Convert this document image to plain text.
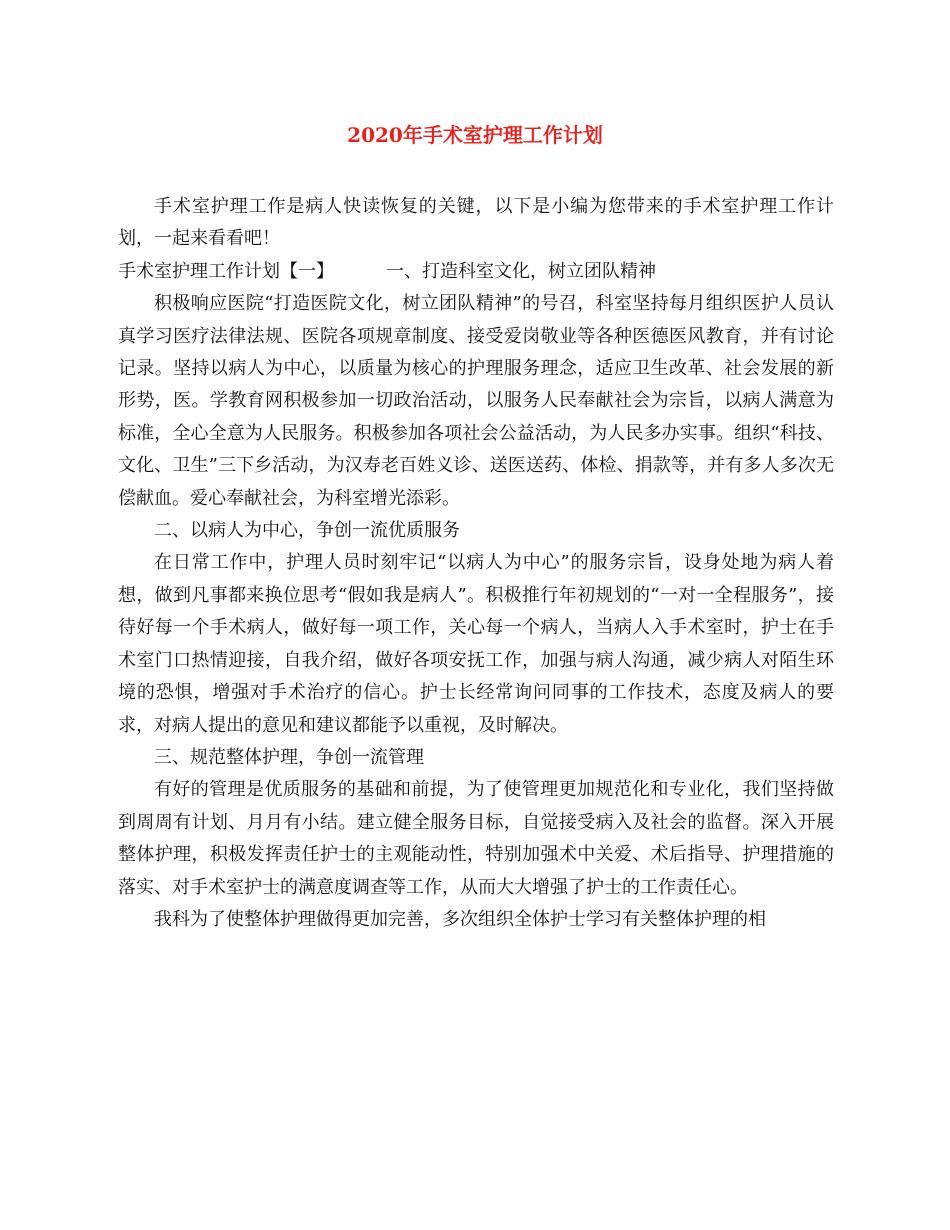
2020年手术室护理工作计划

手术室护理工作是病人快读恢复的关键，以下是小编为您带来的手术室护理工作计划，一起来看看吧！

手术室护理工作计划【一】	一、打造科室文化，树立团队精神

积极响应医院“打造医院文化，树立团队精神”的号召，科室坚持每月组织医护人员认真学习医疗法律法规、医院各项规章制度、接受爱岗敬业等各种医德医风教育，并有讨论记录。坚持以病人为中心，以质量为核心的护理服务理念，适应卫生改革、社会发展的新形势，医。学教育网积极参加一切政治活动，以服务人民奉献社会为宗旨，以病人满意为标准，全心全意为人民服务。积极参加各项社会公益活动，为人民多办实事。组织“科技、文化、卫生”三下乡活动，为汉寿老百姓义诊、送医送药、体检、捐款等，并有多人多次无偿献血。爱心奉献社会，为科室增光添彩。

二、以病人为中心，争创一流优质服务

在日常工作中，护理人员时刻牢记“以病人为中心”的服务宗旨，设身处地为病人着想，做到凡事都来换位思考“假如我是病人”。积极推行年初规划的“一对一全程服务”，接待好每一个手术病人，做好每一项工作，关心每一个病人，当病人入手术室时，护士在手术室门口热情迎接，自我介绍，做好各项安抚工作，加强与病人沟通，减少病人对陌生环境的恐惧，增强对手术治疗的信心。护士长经常询问同事的工作技术，态度及病人的要求，对病人提出的意见和建议都能予以重视，及时解决。

三、规范整体护理，争创一流管理

有好的管理是优质服务的基础和前提，为了使管理更加规范化和专业化，我们坚持做到周周有计划、月月有小结。建立健全服务目标，自觉接受病入及社会的监督。深入开展整体护理，积极发挥责任护士的主观能动性，特别加强术中关爱、术后指导、护理措施的落实、对手术室护士的满意度调查等工作，从而大大增强了护士的工作责任心。

我科为了使整体护理做得更加完善，多次组织全体护士学习有关整体护理的相
